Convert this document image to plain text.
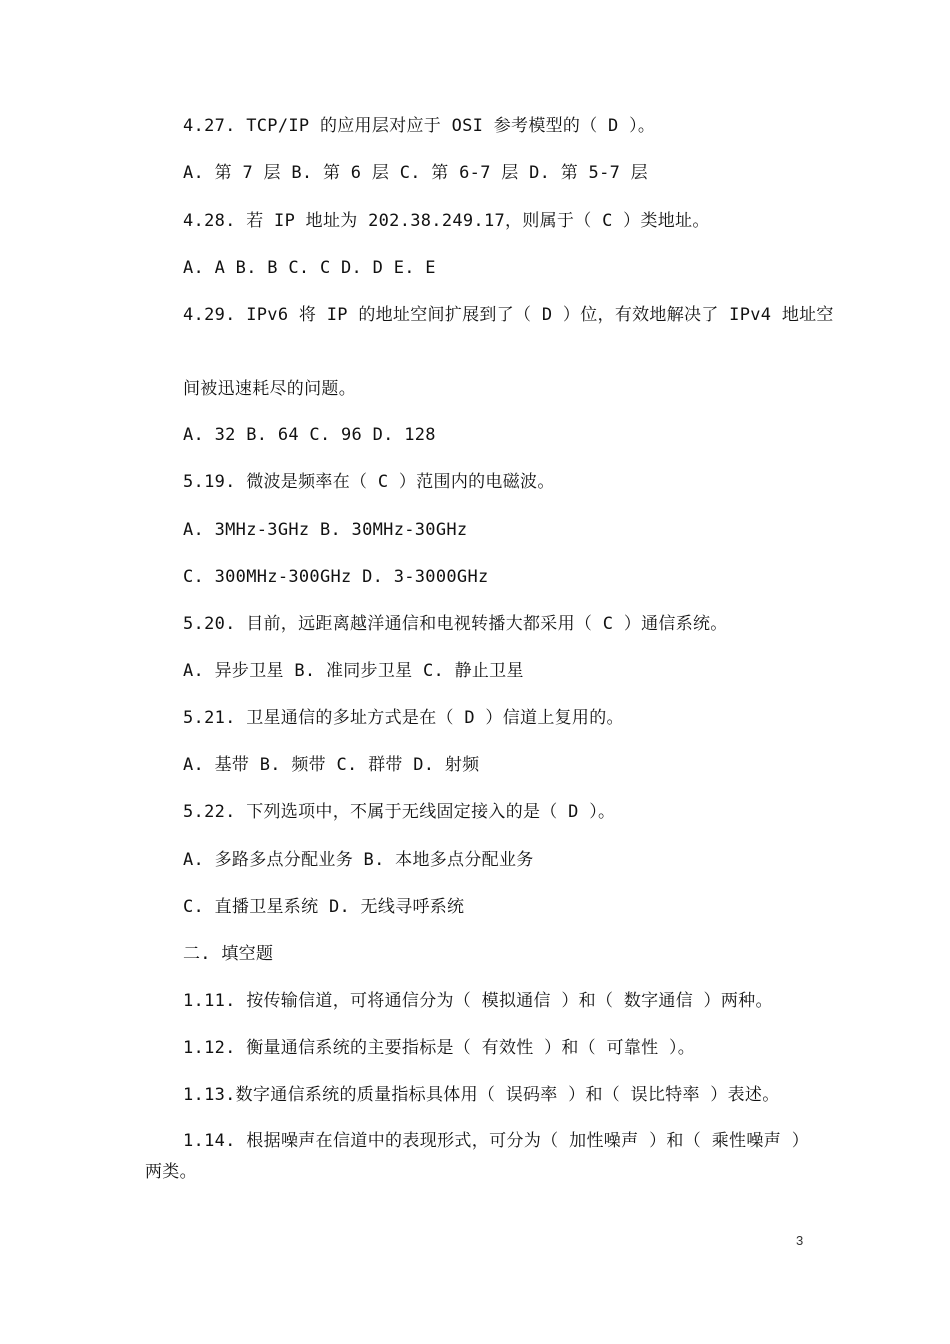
4.27. TCP/IP 的应用层对应于 OSI 参考模型的（ D ）。
A. 第 7 层 B. 第 6 层 C. 第 6-7 层 D. 第 5-7 层
4.28. 若 IP 地址为 202.38.249.17，则属于（ C ）类地址。
A. A B. B C. C D. D E. E
4.29. IPv6 将 IP 的地址空间扩展到了（ D ）位，有效地解决了 IPv4 地址空
间被迅速耗尽的问题。
A. 32 B. 64 C. 96 D. 128
5.19. 微波是频率在（ C ）范围内的电磁波。
A. 3MHz-3GHz B. 30MHz-30GHz
C. 300MHz-300GHz D. 3-3000GHz
5.20. 目前，远距离越洋通信和电视转播大都采用（ C ）通信系统。
A. 异步卫星 B. 准同步卫星 C. 静止卫星
5.21. 卫星通信的多址方式是在（ D ）信道上复用的。
A. 基带 B. 频带 C. 群带 D. 射频
5.22. 下列选项中，不属于无线固定接入的是（ D ）。
A. 多路多点分配业务 B. 本地多点分配业务
C. 直播卫星系统 D. 无线寻呼系统
二. 填空题
1.11. 按传输信道，可将通信分为（ 模拟通信 ）和（ 数字通信 ）两种。
1.12. 衡量通信系统的主要指标是（ 有效性 ）和（ 可靠性 ）。
1.13.数字通信系统的质量指标具体用（ 误码率 ）和（ 误比特率 ）表述。
1.14. 根据噪声在信道中的表现形式，可分为（ 加性噪声 ）和（ 乘性噪声 ）两类。
3
